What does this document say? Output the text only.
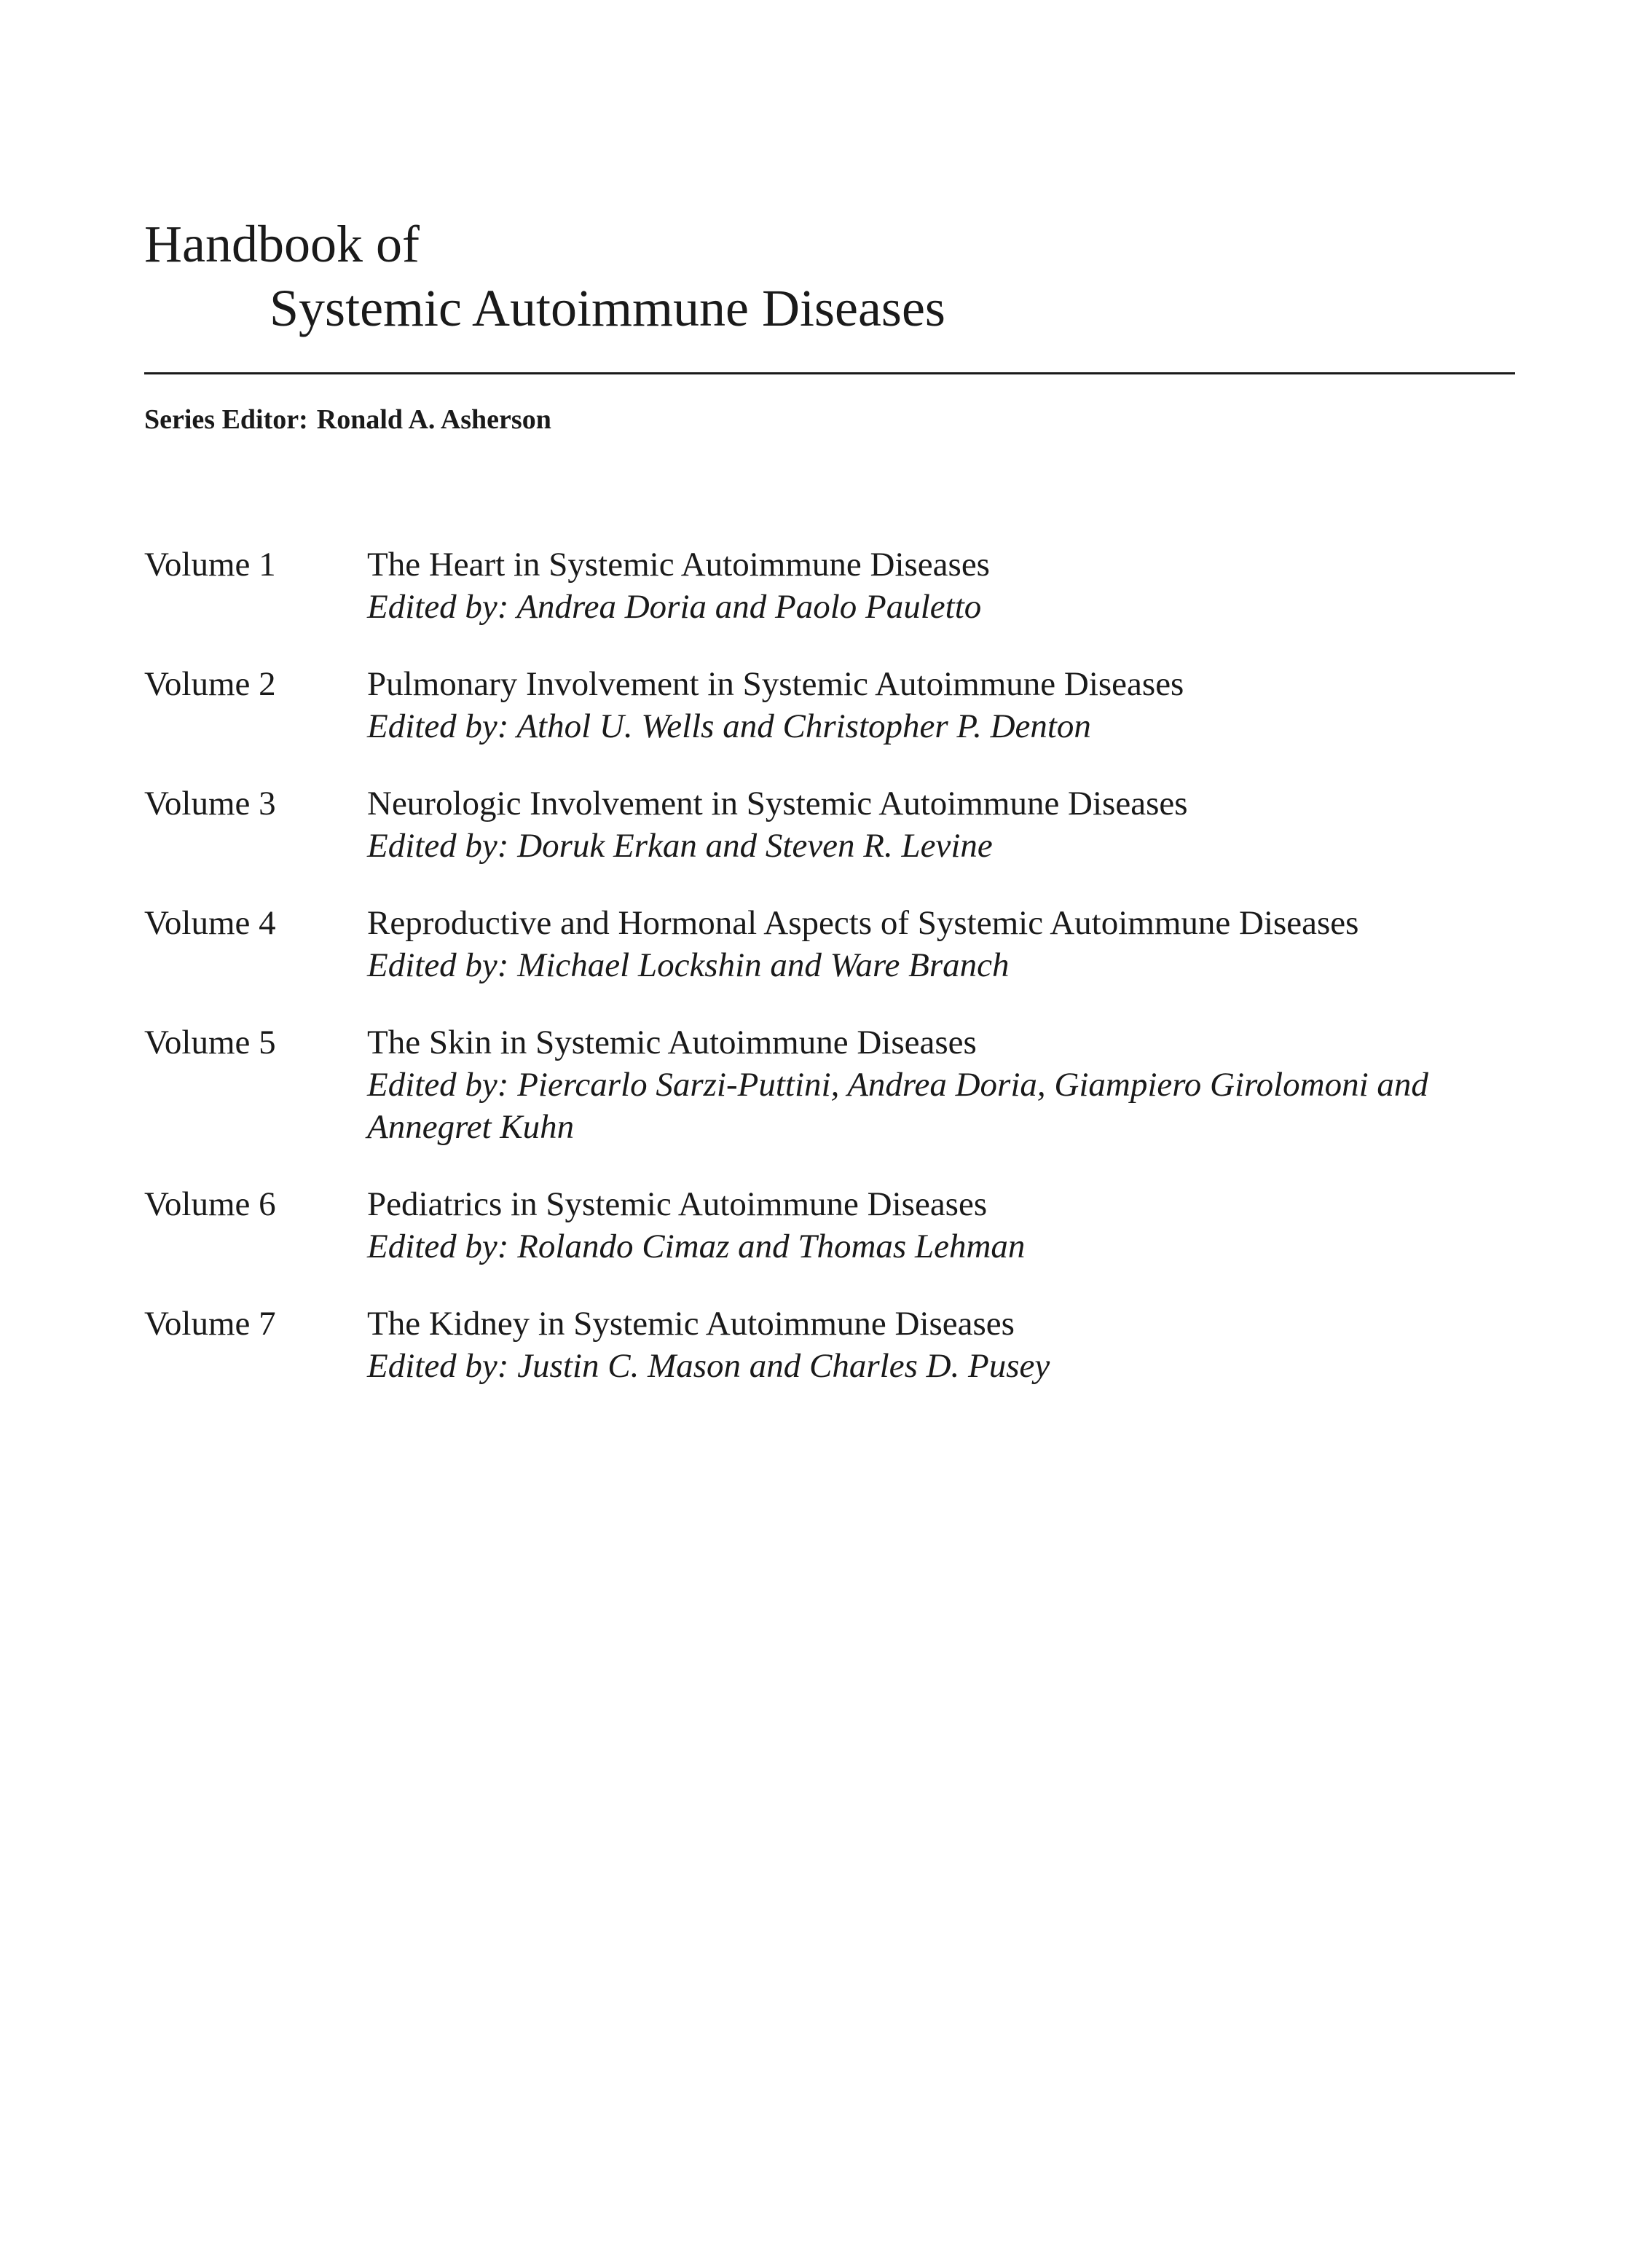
Handbook of
Systemic Autoimmune Diseases
Series Editor: Ronald A. Asherson
Volume 1	The Heart in Systemic Autoimmune Diseases
Edited by: Andrea Doria and Paolo Pauletto
Volume 2	Pulmonary Involvement in Systemic Autoimmune Diseases
Edited by: Athol U. Wells and Christopher P. Denton
Volume 3	Neurologic Involvement in Systemic Autoimmune Diseases
Edited by: Doruk Erkan and Steven R. Levine
Volume 4	Reproductive and Hormonal Aspects of Systemic Autoimmune Diseases
Edited by: Michael Lockshin and Ware Branch
Volume 5	The Skin in Systemic Autoimmune Diseases
Edited by: Piercarlo Sarzi-Puttini, Andrea Doria, Giampiero Girolomoni and Annegret Kuhn
Volume 6	Pediatrics in Systemic Autoimmune Diseases
Edited by: Rolando Cimaz and Thomas Lehman
Volume 7	The Kidney in Systemic Autoimmune Diseases
Edited by: Justin C. Mason and Charles D. Pusey
